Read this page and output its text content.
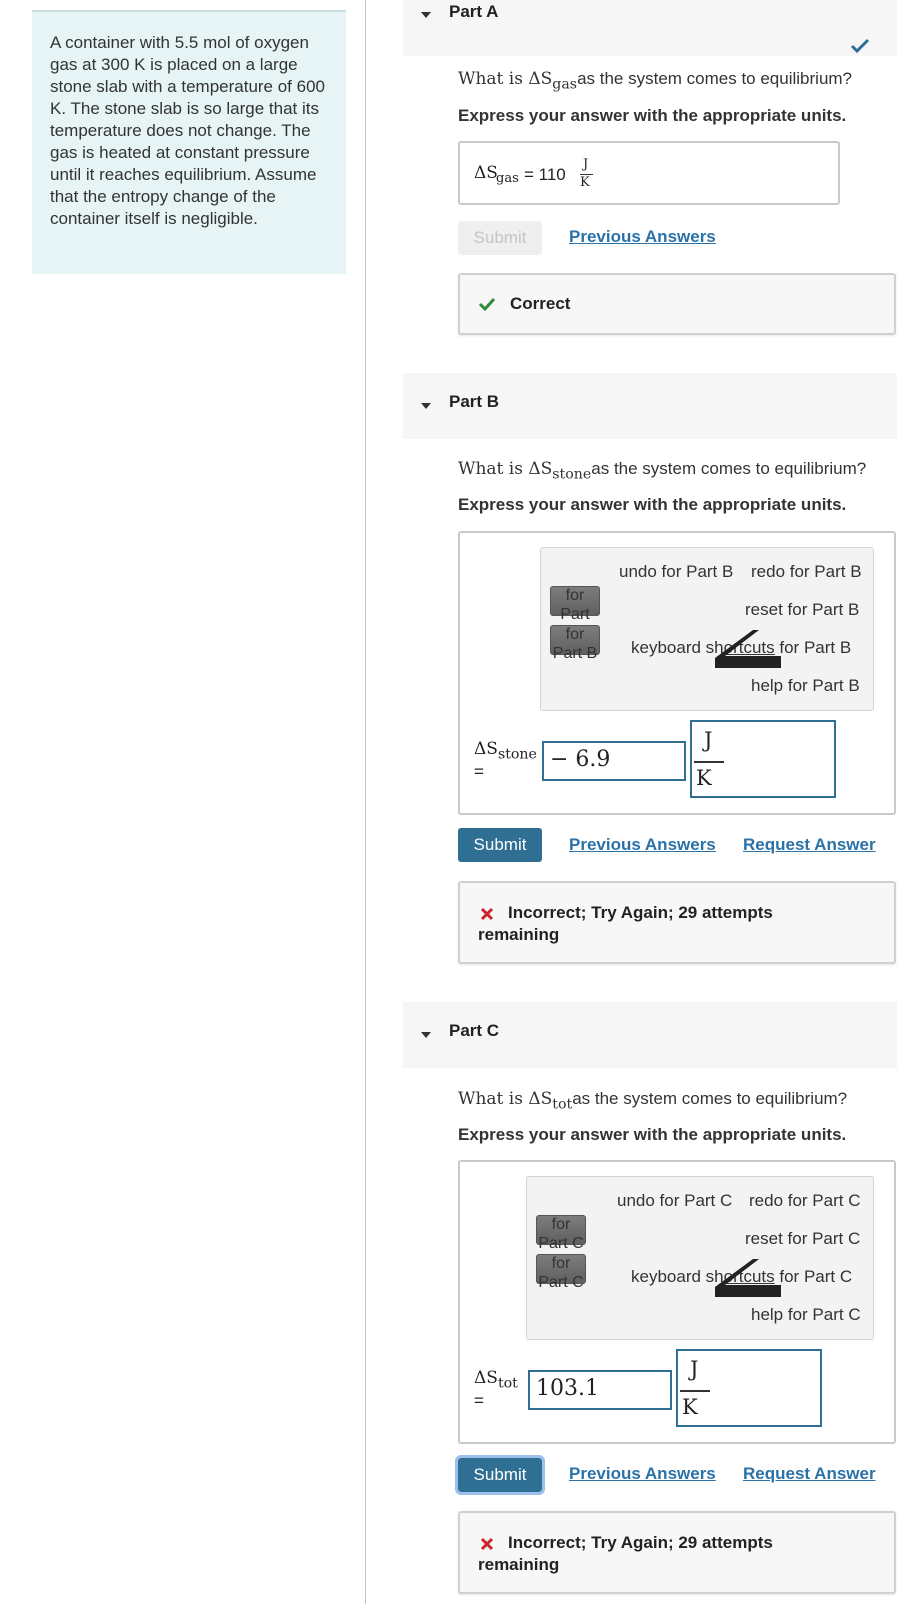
A container with 5.5 mol of oxygen gas at 300 K is placed on a large stone slab with a temperature of 600 K. The stone slab is so large that its temperature does not change. The gas is heated at constant pressure until it reaches equilibrium. Assume that the entropy change of the container itself is negligible.

Part A
What is $\Delta S_{gas}as$ the system comes to equilibrium?
Express your answer with the appropriate units.
ΔS
gas = 110
J
K
Submit	Previous Answers
Correct
Part B
What is $\Delta S_{stone}as$ the system comes to equilibrium?
Express your answer with the appropriate units.
undo for Part B redo for Part B
reset for Part B
keyboard shortcuts for Part B
help for Part B
for Part
for Part B
$\Delta S_{stone}$
=	− 6.9
J
K
Submit	Previous Answers Request Answer
Incorrect; Try Again; 29 attempts remaining
Part C
What is $\Delta S_{tot}as$ the system comes to equilibrium?
Express your answer with the appropriate units.
undo for Part C redo for Part C
reset for Part C
keyboard shortcuts for Part C
help for Part C
for Part C
for Part C
$\Delta S_{tot}$
=	103.1
J
K
Submit	Previous Answers Request Answer
Incorrect; Try Again; 29 attempts remaining
